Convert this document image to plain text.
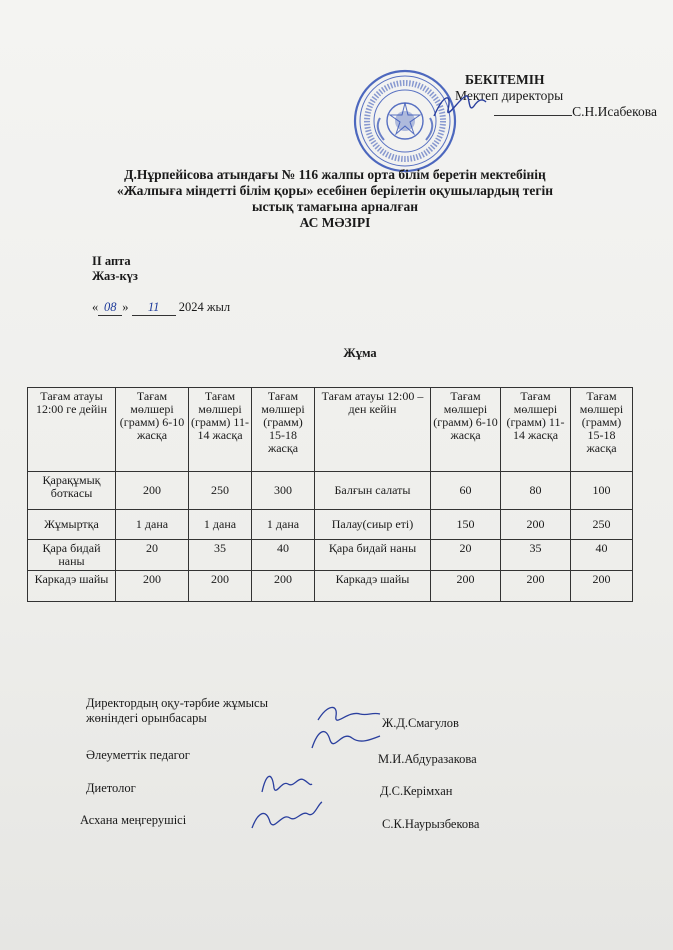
БЕКІТЕМІН
Мектеп директоры
С.Н.Исабекова
Д.Нұрпейісова атындағы № 116 жалпы орта білім беретін мектебінің
«Жалпыға міндетті білім қоры» есебінен берілетін оқушылардың тегін
ыстық тамағына арналған
АС МӘЗІРІ
ІІ апта
Жаз-күз
« 08 » 11 2024 жыл
Жұма
Тағам атауы 12:00 ге дейін	Тағам мөлшері (грамм) 6-10 жасқа	Тағам мөлшері (грамм) 11-14 жасқа	Тағам мөлшері (грамм) 15-18 жасқа	Тағам атауы 12:00 – ден кейін	Тағам мөлшері (грамм) 6-10 жасқа	Тағам мөлшері (грамм) 11-14 жасқа	Тағам мөлшері (грамм) 15-18 жасқа
Қарақұмық боткасы	200	250	300	Балғын салаты	60	80	100
Жұмыртқа	1 дана	1 дана	1 дана	Палау(сиыр еті)	150	200	250
Қара бидай наны	20	35	40	Қара бидай наны	20	35	40
Каркадэ шайы	200	200	200	Каркадэ шайы	200	200	200
Директордың оқу-тәрбие жұмысы
жөніндегі орынбасары	Ж.Д.Смагулов
Әлеуметтік педагог	М.И.Абдуразакова
Диетолог	Д.С.Керімхан
Асхана меңгерушісі	С.К.Наурызбекова
